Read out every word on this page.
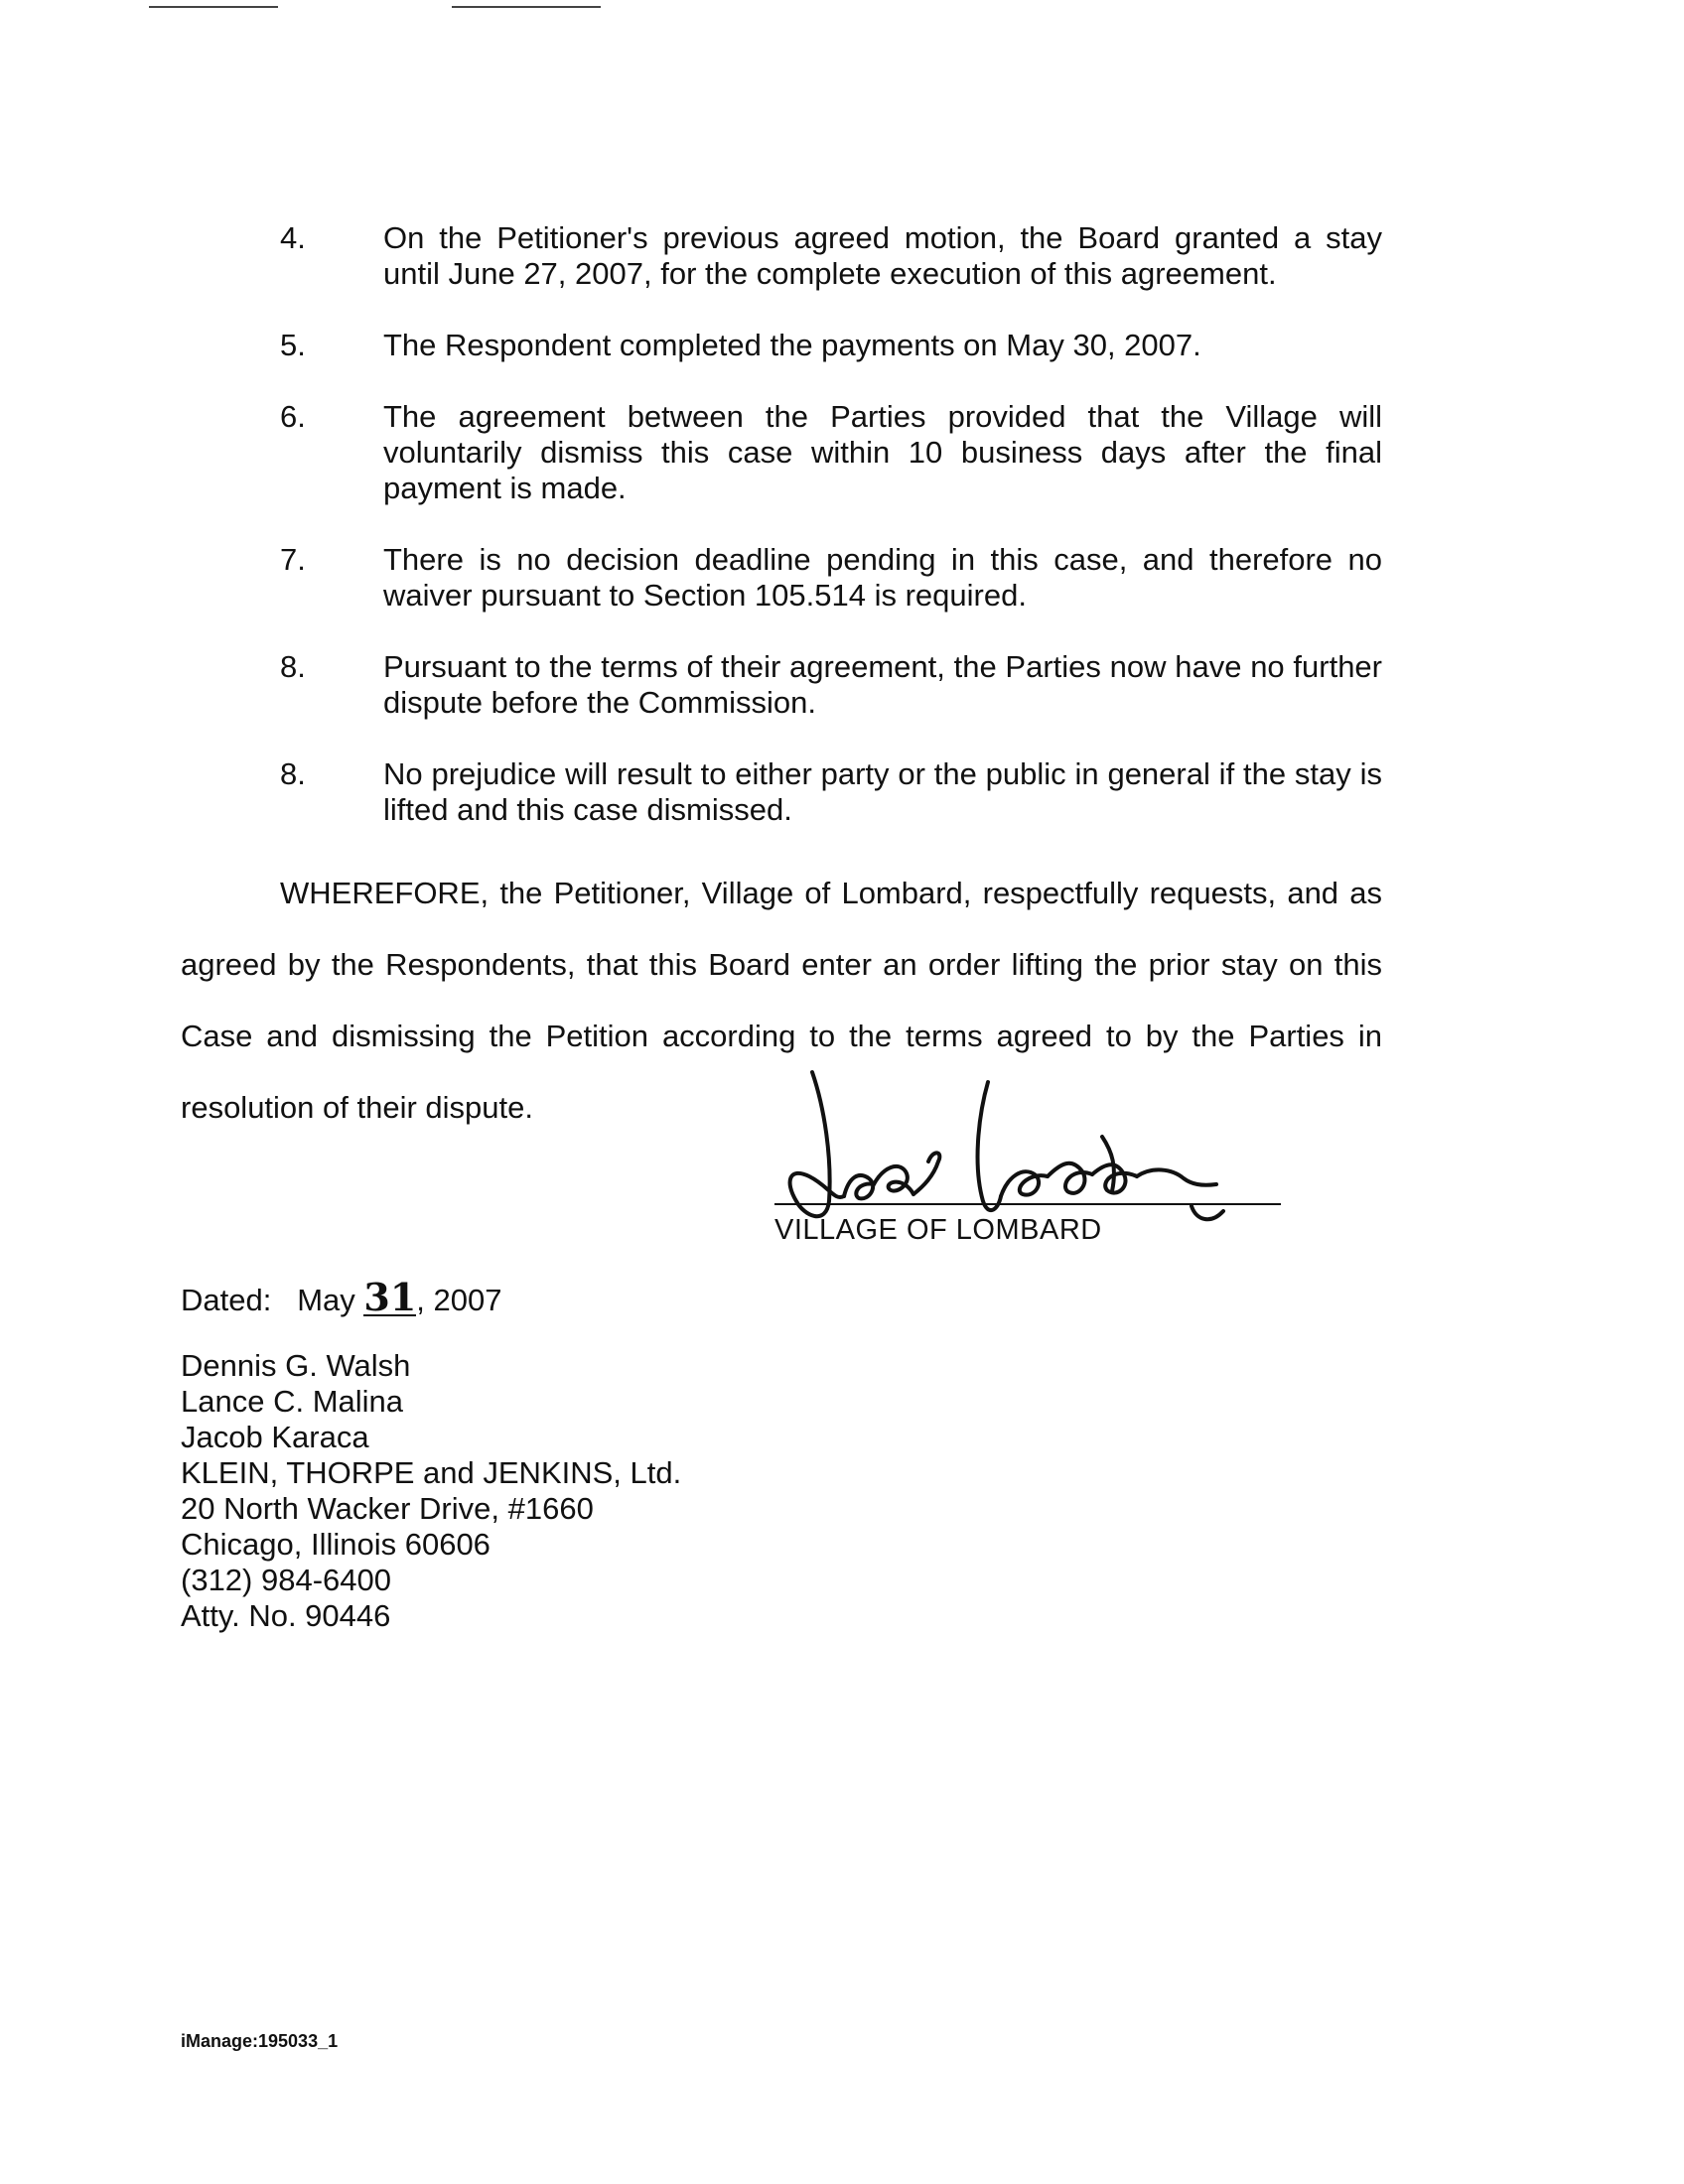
4.	On the Petitioner's previous agreed motion, the Board granted a stay until June 27, 2007, for the complete execution of this agreement.
5.	The Respondent completed the payments on May 30, 2007.
6.	The agreement between the Parties provided that the Village will voluntarily dismiss this case within 10 business days after the final payment is made.
7.	There is no decision deadline pending in this case, and therefore no waiver pursuant to Section 105.514 is required.
8.	Pursuant to the terms of their agreement, the Parties now have no further dispute before the Commission.
8.	No prejudice will result to either party or the public in general if the stay is lifted and this case dismissed.
WHEREFORE, the Petitioner, Village of Lombard, respectfully requests, and as agreed by the Respondents, that this Board enter an order lifting the prior stay on this Case and dismissing the Petition according to the terms agreed to by the Parties in resolution of their dispute.
VILLAGE OF LOMBARD
Dated: May 31, 2007
Dennis G. Walsh
Lance C. Malina
Jacob Karaca
KLEIN, THORPE and JENKINS, Ltd.
20 North Wacker Drive, #1660
Chicago, Illinois 60606
(312) 984-6400
Atty. No. 90446
iManage:195033_1
